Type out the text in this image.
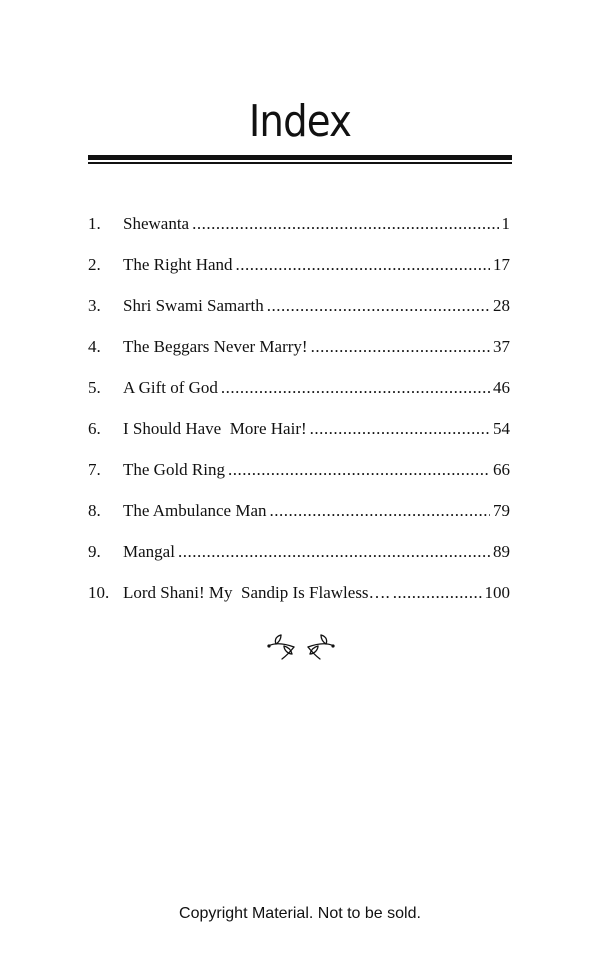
Index
1.	Shewanta .....	1
2.	The Right Hand .....	17
3.	Shri Swami Samarth .....	28
4.	The Beggars Never Marry! .....	37
5.	A Gift of God .....	46
6.	I Should Have  More Hair! .....	54
7.	The Gold Ring .....	66
8.	The Ambulance Man .....	79
9.	Mangal .....	89
10. Lord Shani! My  Sandip Is Flawless…. .....	100

Copyright Material. Not to be sold.
